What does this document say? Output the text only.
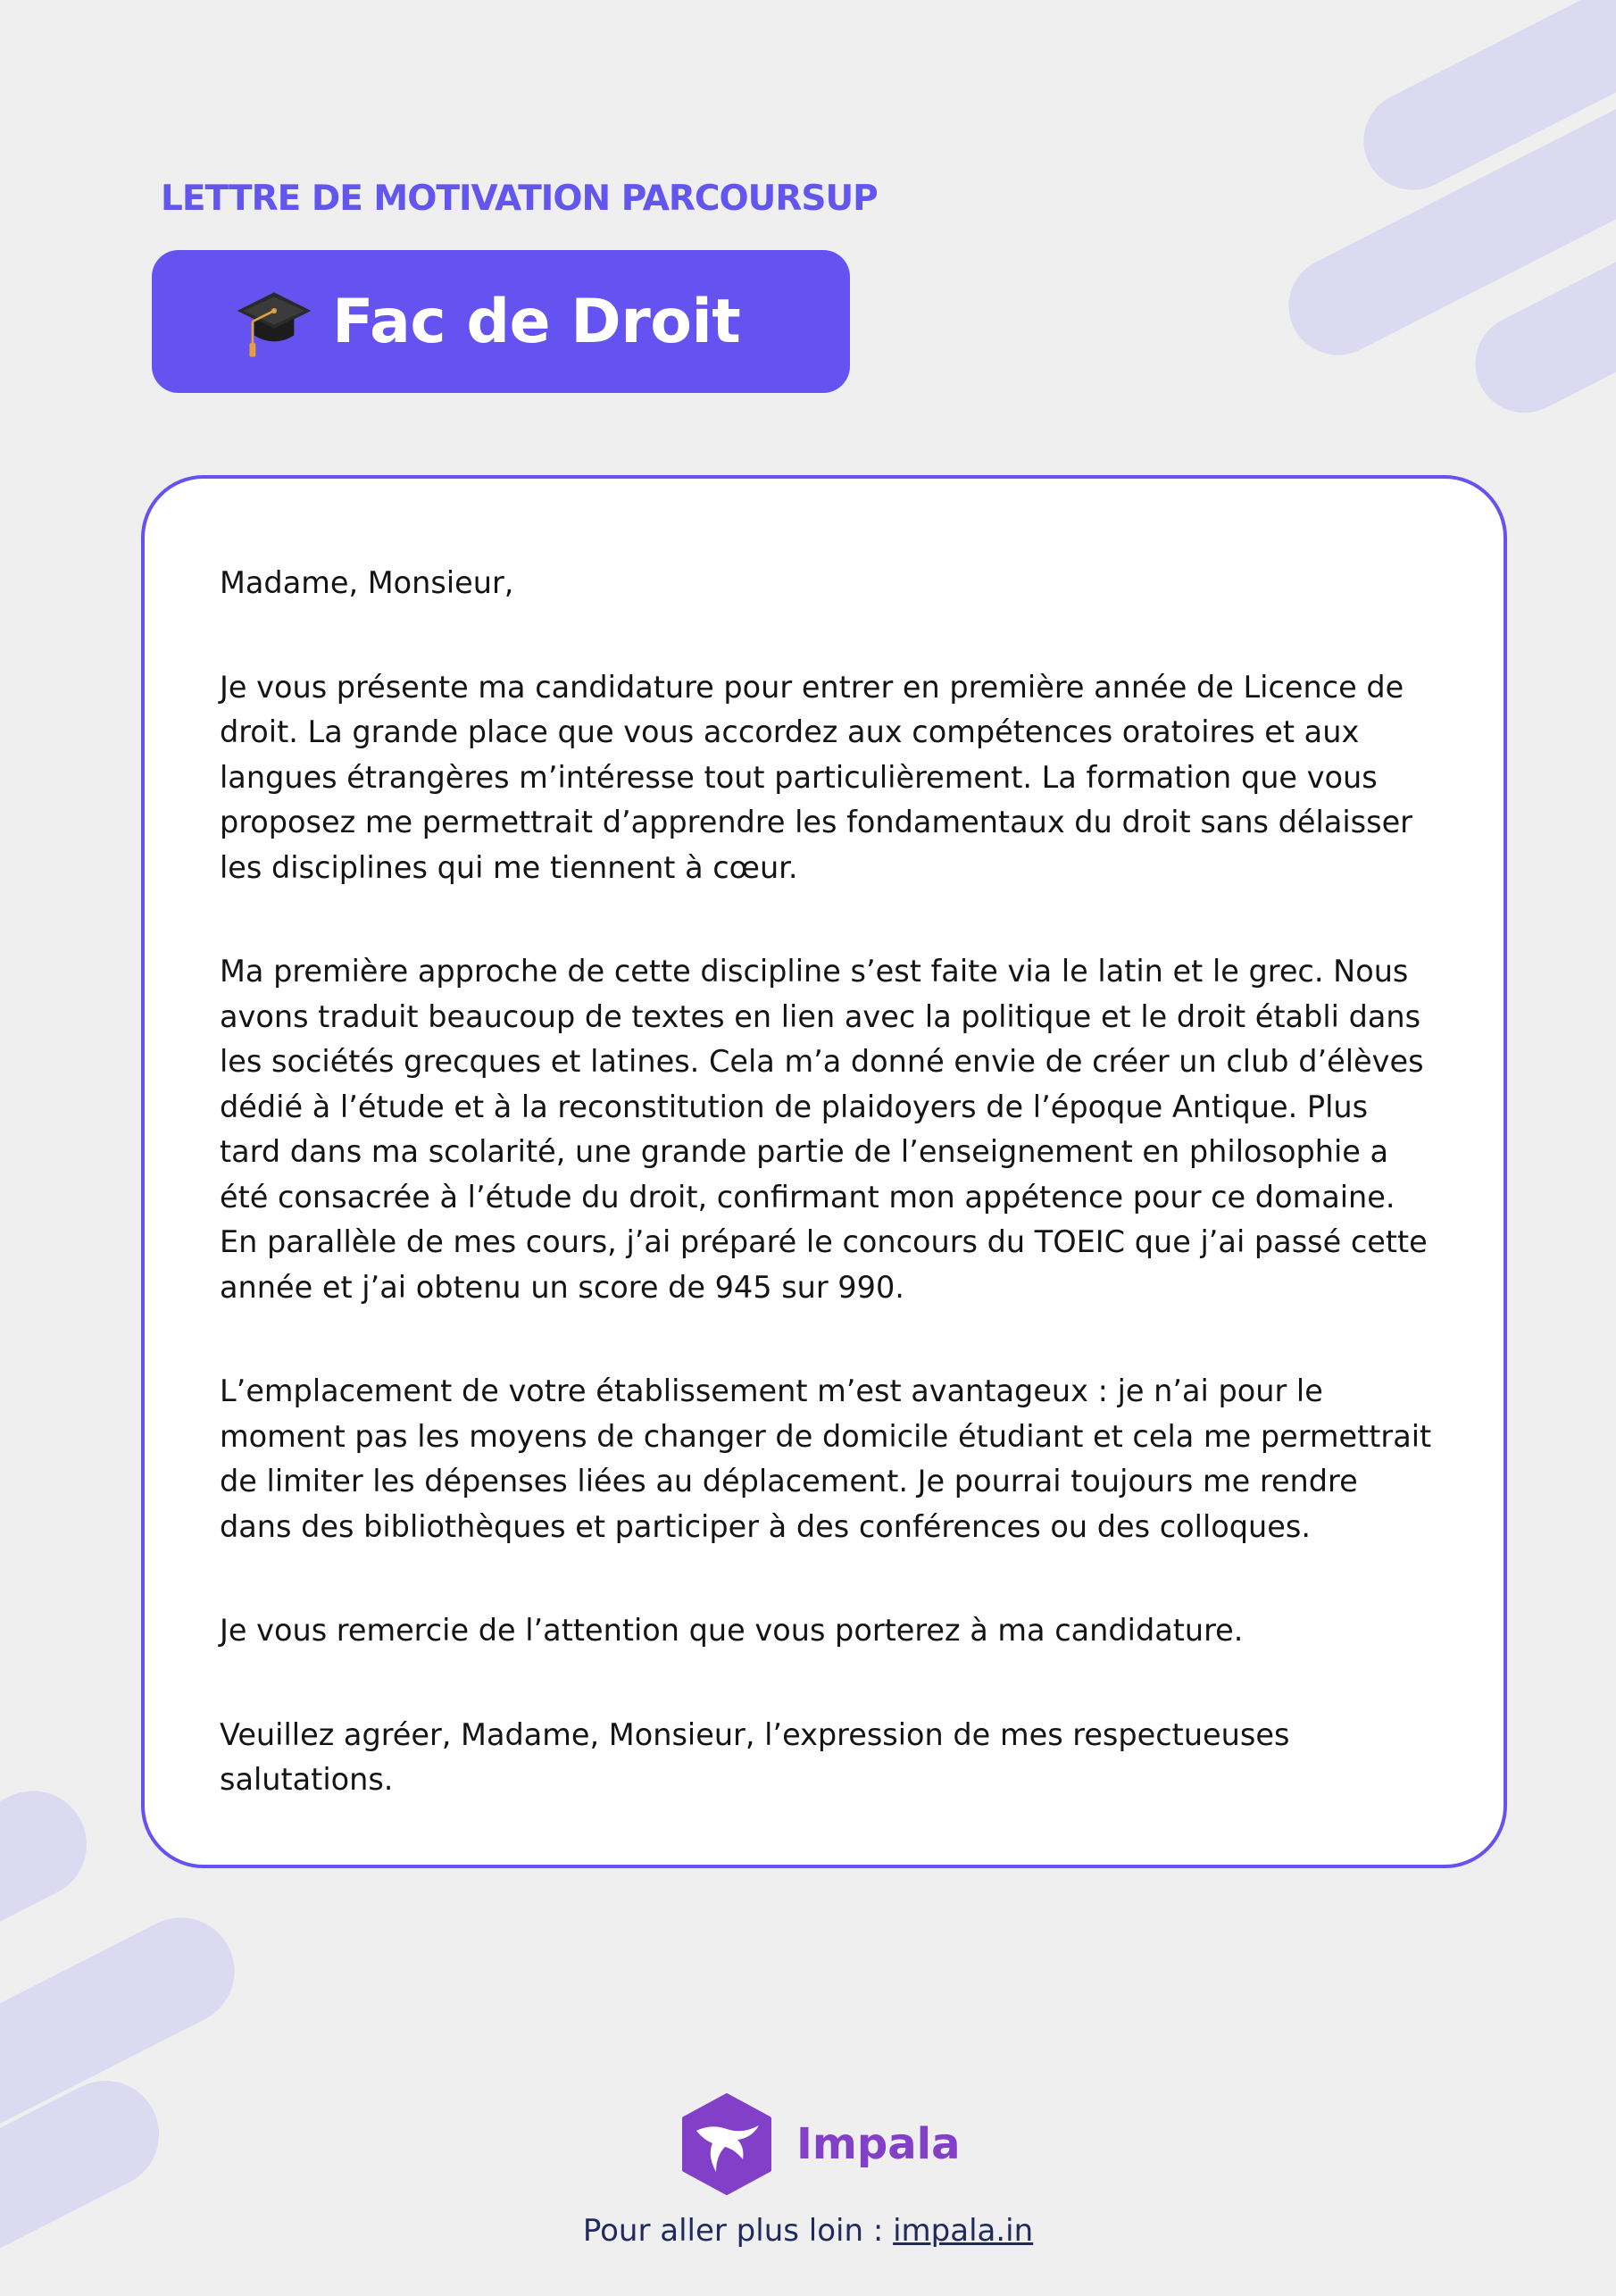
LETTRE DE MOTIVATION PARCOURSUP
Fac de Droit

Madame, Monsieur,

Je vous présente ma candidature pour entrer en première année de Licence de droit. La grande place que vous accordez aux compétences oratoires et aux langues étrangères m’intéresse tout particulièrement. La formation que vous proposez me permettrait d’apprendre les fondamentaux du droit sans délaisser les disciplines qui me tiennent à cœur.

Ma première approche de cette discipline s’est faite via le latin et le grec. Nous avons traduit beaucoup de textes en lien avec la politique et le droit établi dans les sociétés grecques et latines. Cela m’a donné envie de créer un club d’élèves dédié à l’étude et à la reconstitution de plaidoyers de l’époque Antique. Plus tard dans ma scolarité, une grande partie de l’enseignement en philosophie a été consacrée à l’étude du droit, confirmant mon appétence pour ce domaine. En parallèle de mes cours, j’ai préparé le concours du TOEIC que j’ai passé cette année et j’ai obtenu un score de 945 sur 990.

L’emplacement de votre établissement m’est avantageux : je n’ai pour le moment pas les moyens de changer de domicile étudiant et cela me permettrait de limiter les dépenses liées au déplacement. Je pourrai toujours me rendre dans des bibliothèques et participer à des conférences ou des colloques.

Je vous remercie de l’attention que vous porterez à ma candidature.

Veuillez agréer, Madame, Monsieur, l’expression de mes respectueuses salutations.

Impala
Pour aller plus loin : impala.in
